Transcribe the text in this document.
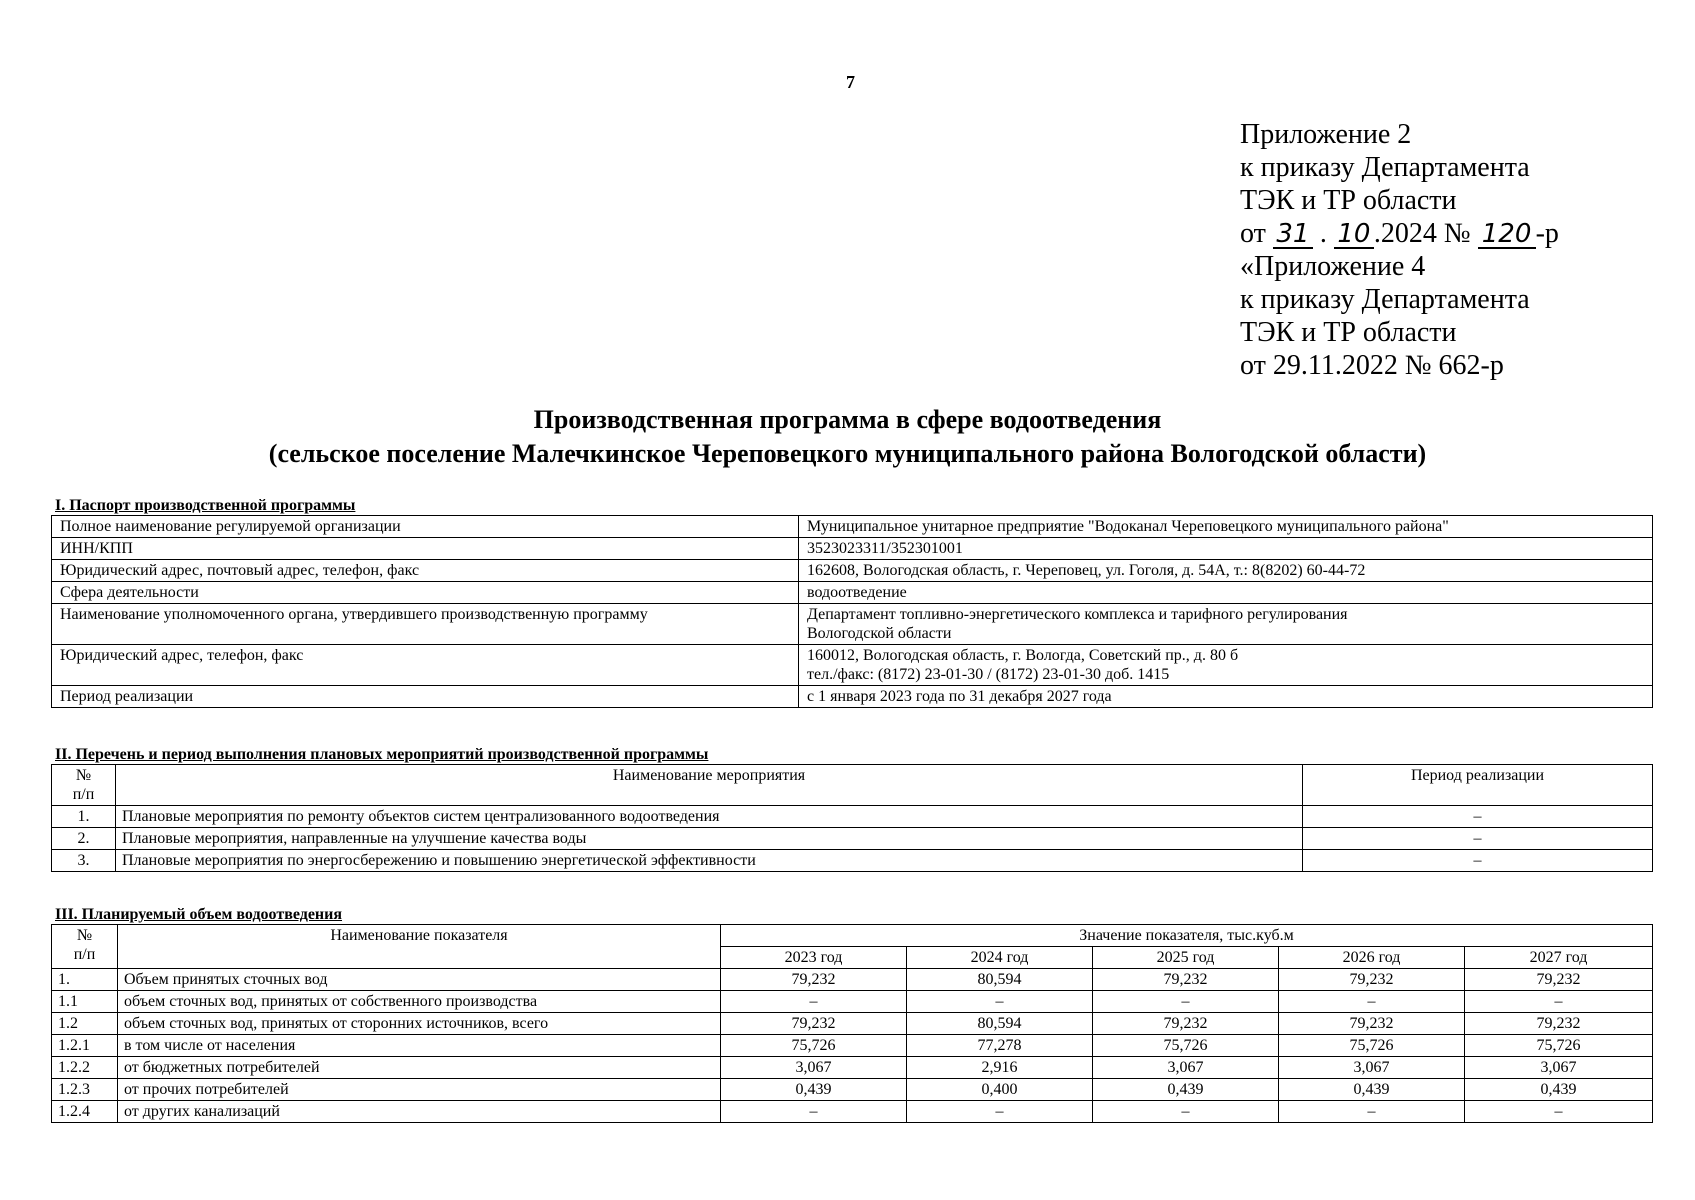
7
Приложение 2
к приказу Департамента
ТЭК и ТР области
от 31 . 10 .2024 № 120 -р
«Приложение 4
к приказу Департамента
ТЭК и ТР области
от 29.11.2022 № 662-р
Производственная программа в сфере водоотведения
(сельское поселение Малечкинское Череповецкого муниципального района Вологодской области)
I. Паспорт производственной программы
Полное наименование регулируемой организации	Муниципальное унитарное предприятие "Водоканал Череповецкого муниципального района"

ИНН/КПП	3523023311/352301001

Юридический адрес, почтовый адрес, телефон, факс	162608, Вологодская область, г. Череповец, ул. Гоголя, д. 54А, т.: 8(8202) 60-44-72

Сфера деятельности	водоотведение

Наименование уполномоченного органа, утвердившего производственную программу	Департамент топливно-энергетического комплекса и тарифного регулирования
Вологодской области

Юридический адрес, телефон, факс	160012, Вологодская область, г. Вологда, Советский пр., д. 80 б
тел./факс: (8172) 23-01-30 / (8172) 23-01-30 доб. 1415

Период реализации	с 1 января 2023 года по 31 декабря 2027 года
II. Перечень и период выполнения плановых мероприятий производственной программы
№
п/п	Наименование мероприятия	Период реализации
1.	Плановые мероприятия по ремонту объектов систем централизованного водоотведения	–
2.	Плановые мероприятия, направленные на улучшение качества воды	–
3.	Плановые мероприятия по энергосбережению и повышению энергетической эффективности	–
III. Планируемый объем водоотведения
№
п/п	Наименование показателя	Значение показателя, тыс.куб.м				
		2023 год	2024 год	2025 год	2026 год	2027 год
1.	Объем принятых сточных вод	79,232	80,594	79,232	79,232	79,232
1.1	объем сточных вод, принятых от собственного производства	–	–	–	–	–
1.2	объем сточных вод, принятых от сторонних источников, всего	79,232	80,594	79,232	79,232	79,232
1.2.1	в том числе от населения	75,726	77,278	75,726	75,726	75,726
1.2.2	от бюджетных потребителей	3,067	2,916	3,067	3,067	3,067
1.2.3	от прочих потребителей	0,439	0,400	0,439	0,439	0,439
1.2.4	от других канализаций	–	–	–	–	–
